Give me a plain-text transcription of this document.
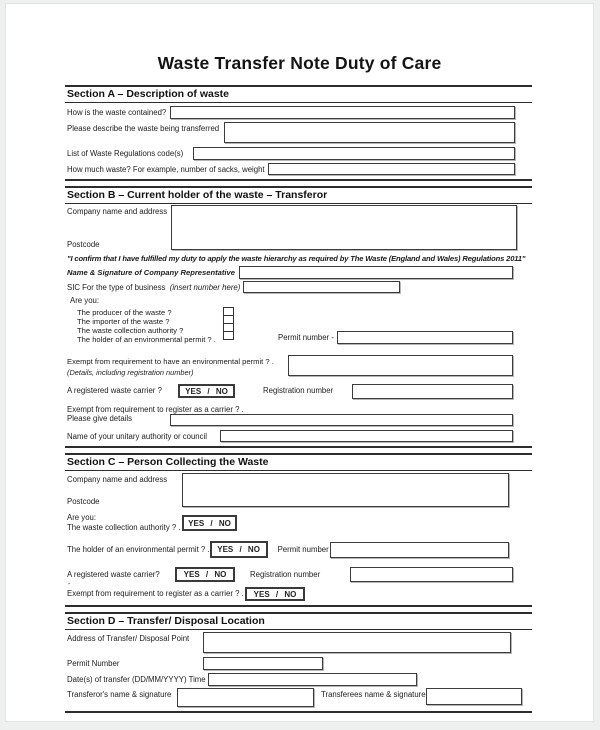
Waste Transfer Note Duty of Care
Section A – Description of waste
How is the waste contained?
Please describe the waste being transferred
List of Waste Regulations code(s)
How much waste? For example, number of sacks, weight
Section B – Current holder of the waste – Transferor
Company name and address
Postcode
"I confirm that I have fulfilled my duty to apply the waste hierarchy as required by The Waste (England and Wales) Regulations 2011"
Name & Signature of Company Representative
SIC For the type of business (insert number here)
Are you:
The producer of the waste ?
The importer of the waste ?
The waste collection authority ?
The holder of an environmental permit ? .	Permit number -
Exempt from requirement to have an environmental permit ? .
(Details, including registration number)
A registered waste carrier ?	YES / NO	Registration number
Exempt from requirement to register as a carrier ? .
Please give details
Name of your unitary authority or council
Section C – Person Collecting the Waste
Company name and address
Postcode
Are you:
The waste collection authority ? . YES / NO
The holder of an environmental permit ? . YES / NO	Permit number
A registered waste carrier?	YES / NO	Registration number
-
Exempt from requirement to register as a carrier ? .	YES / NO
Section D – Transfer/ Disposal Location
Address of Transfer/ Disposal Point
Permit Number
Date(s) of transfer (DD/MM/YYYY) Time
Transferor's name & signature	Transferees name & signature
